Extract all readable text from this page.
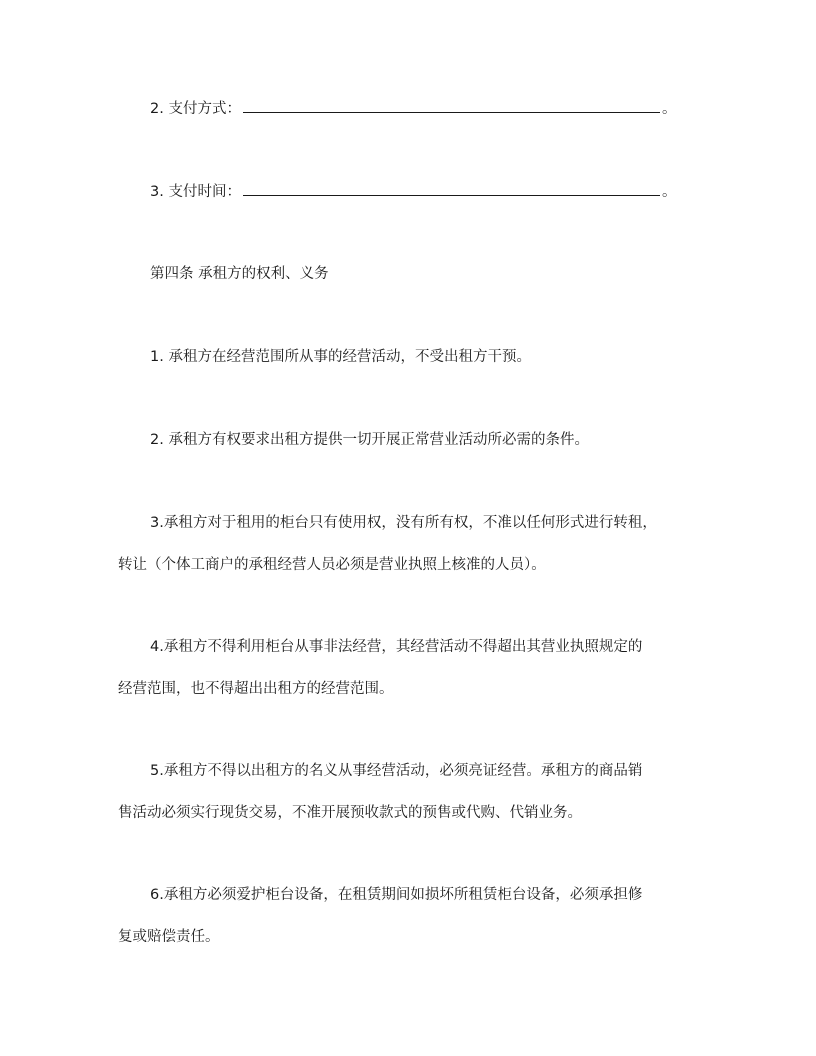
2. 支付方式：	。
3. 支付时间：	。
第四条 承租方的权利、义务
1. 承租方在经营范围所从事的经营活动，不受出租方干预。
2. 承租方有权要求出租方提供一切开展正常营业活动所必需的条件。
3.承租方对于租用的柜台只有使用权，没有所有权，不准以任何形式进行转租，
转让（个体工商户的承租经营人员必须是营业执照上核准的人员）。
4.承租方不得利用柜台从事非法经营，其经营活动不得超出其营业执照规定的
经营范围，也不得超出出租方的经营范围。
5.承租方不得以出租方的名义从事经营活动，必须亮证经营。承租方的商品销
售活动必须实行现货交易，不准开展预收款式的预售或代购、代销业务。
6.承租方必须爱护柜台设备，在租赁期间如损坏所租赁柜台设备，必须承担修
复或赔偿责任。
